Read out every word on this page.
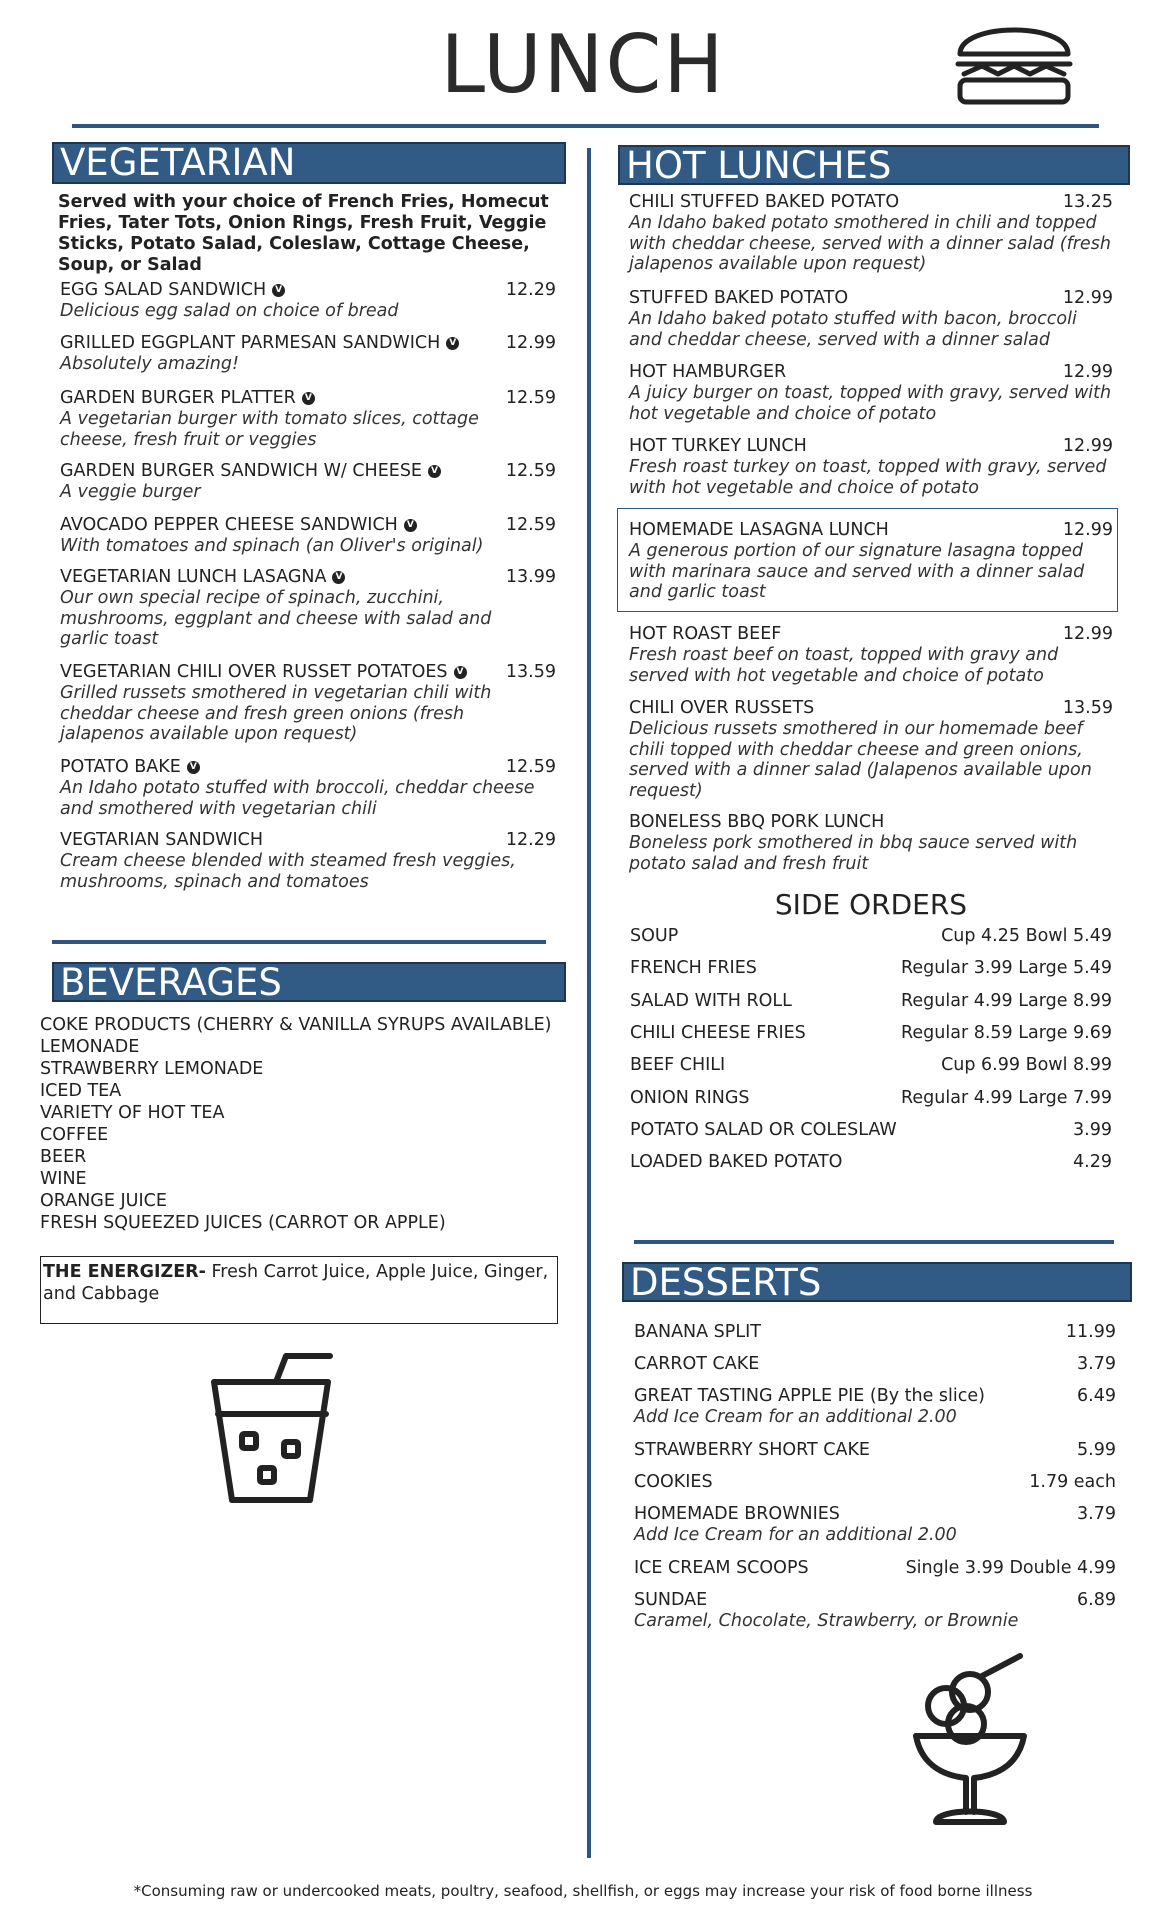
LUNCH
VEGETARIAN
Served with your choice of French Fries, Homecut Fries, Tater Tots, Onion Rings, Fresh Fruit, Veggie Sticks, Potato Salad, Coleslaw, Cottage Cheese, Soup, or Salad
EGG SALAD SANDWICH V	12.29
Delicious egg salad on choice of bread
GRILLED EGGPLANT PARMESAN SANDWICH V	12.99
Absolutely amazing!
GARDEN BURGER PLATTER V	12.59
A vegetarian burger with tomato slices, cottage cheese, fresh fruit or veggies
GARDEN BURGER SANDWICH W/ CHEESE V	12.59
A veggie burger
AVOCADO PEPPER CHEESE SANDWICH V	12.59
With tomatoes and spinach (an Oliver's original)
VEGETARIAN LUNCH LASAGNA V	13.99
Our own special recipe of spinach, zucchini, mushrooms, eggplant and cheese with salad and garlic toast
VEGETARIAN CHILI OVER RUSSET POTATOES V	13.59
Grilled russets smothered in vegetarian chili with cheddar cheese and fresh green onions (fresh jalapenos available upon request)
POTATO BAKE V	12.59
An Idaho potato stuffed with broccoli, cheddar cheese and smothered with vegetarian chili
VEGTARIAN SANDWICH	12.29
Cream cheese blended with steamed fresh veggies, mushrooms, spinach and tomatoes
BEVERAGES
COKE PRODUCTS (CHERRY & VANILLA SYRUPS AVAILABLE)
LEMONADE
STRAWBERRY LEMONADE
ICED TEA
VARIETY OF HOT TEA
COFFEE
BEER
WINE
ORANGE JUICE
FRESH SQUEEZED JUICES (CARROT OR APPLE)
THE ENERGIZER- Fresh Carrot Juice, Apple Juice, Ginger, and Cabbage
HOT LUNCHES
CHILI STUFFED BAKED POTATO	13.25
An Idaho baked potato smothered in chili and topped with cheddar cheese, served with a dinner salad (fresh jalapenos available upon request)
STUFFED BAKED POTATO	12.99
An Idaho baked potato stuffed with bacon, broccoli and cheddar cheese, served with a dinner salad
HOT HAMBURGER	12.99
A juicy burger on toast, topped with gravy, served with hot vegetable and choice of potato
HOT TURKEY LUNCH	12.99
Fresh roast turkey on toast, topped with gravy, served with hot vegetable and choice of potato
HOMEMADE LASAGNA LUNCH	12.99
A generous portion of our signature lasagna topped with marinara sauce and served with a dinner salad and garlic toast
HOT ROAST BEEF	12.99
Fresh roast beef on toast, topped with gravy and served with hot vegetable and choice of potato
CHILI OVER RUSSETS	13.59
Delicious russets smothered in our homemade beef chili topped with cheddar cheese and green onions, served with a dinner salad (Jalapenos available upon request)
BONELESS BBQ PORK LUNCH
Boneless pork smothered in bbq sauce served with potato salad and fresh fruit
SIDE ORDERS
SOUP	Cup 4.25 Bowl 5.49
FRENCH FRIES	Regular 3.99 Large 5.49
SALAD WITH ROLL	Regular 4.99 Large 8.99
CHILI CHEESE FRIES	Regular 8.59 Large 9.69
BEEF CHILI	Cup 6.99 Bowl 8.99
ONION RINGS	Regular 4.99 Large 7.99
POTATO SALAD OR COLESLAW	3.99
LOADED BAKED POTATO	4.29
DESSERTS
BANANA SPLIT	11.99
CARROT CAKE	3.79
GREAT TASTING APPLE PIE (By the slice)	6.49
Add Ice Cream for an additional 2.00
STRAWBERRY SHORT CAKE	5.99
COOKIES	1.79 each
HOMEMADE BROWNIES	3.79
Add Ice Cream for an additional 2.00
ICE CREAM SCOOPS	Single 3.99 Double 4.99
SUNDAE	6.89
Caramel, Chocolate, Strawberry, or Brownie
*Consuming raw or undercooked meats, poultry, seafood, shellfish, or eggs may increase your risk of food borne illness
